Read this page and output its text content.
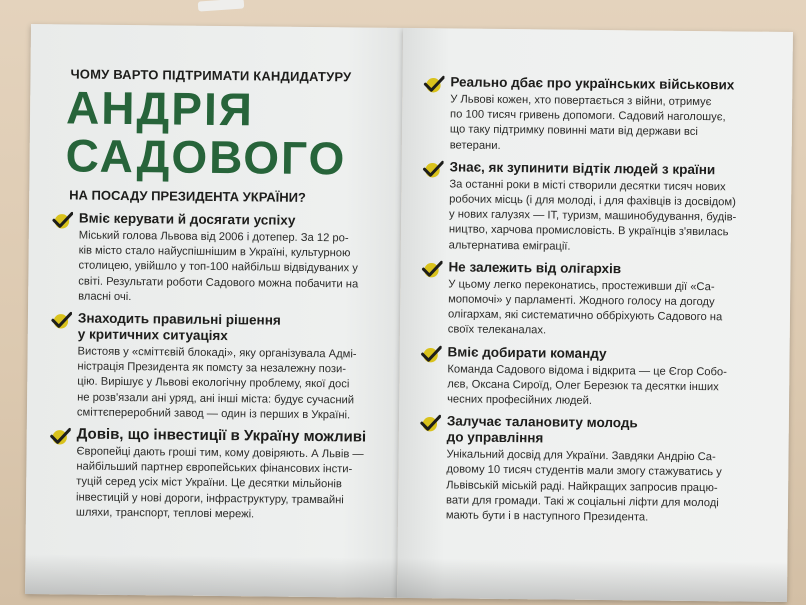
ЧОМУ ВАРТО ПІДТРИМАТИ КАНДИДАТУРУ
АНДРІЯ
САДОВОГО
НА ПОСАДУ ПРЕЗИДЕНТА УКРАЇНИ?
Вміє керувати й досягати успіху
Міський голова Львова від 2006 і дотепер. За 12 ро-
ків місто стало найуспішнішим в Україні, культурною
столицею, увійшло у топ-100 найбільш відвідуваних у
світі. Результати роботи Садового можна побачити на
власні очі.
Знаходить правильні рішення
у критичних ситуаціях
Вистояв у «сміттєвій блокаді», яку організувала Адмі-
ністрація Президента як помсту за незалежну пози-
цію. Вирішує у Львові екологічну проблему, якої досі
не розв'язали ані уряд, ані інші міста: будує сучасний
сміттєпереробний завод — один із перших в Україні.
Довів, що інвестиції в Україну можливі
Європейці дають гроші тим, кому довіряють. А Львів —
найбільший партнер європейських фінансових інсти-
туцій серед усіх міст України. Це десятки мільйонів
інвестицій у нові дороги, інфраструктуру, трамвайні
шляхи, транспорт, теплові мережі.
Реально дбає про українських військових
У Львові кожен, хто повертається з війни, отримує
по 100 тисяч гривень допомоги. Садовий наголошує,
що таку підтримку повинні мати від держави всі
ветерани.
Знає, як зупинити відтік людей з країни
За останні роки в місті створили десятки тисяч нових
робочих місць (і для молоді, і для фахівців із досвідом)
у нових галузях — IT, туризм, машинобудування, будів-
ництво, харчова промисловість. В українців з'явилась
альтернатива еміграції.
Не залежить від олігархів
У цьому легко переконатись, простеживши дії «Са-
мопомочі» у парламенті. Жодного голосу на догоду
олігархам, які систематично оббріхують Садового на
своїх телеканалах.
Вміє добирати команду
Команда Садового відома і відкрита — це Єгор Собо-
лєв, Оксана Сироїд, Олег Березюк та десятки інших
чесних професійних людей.
Залучає талановиту молодь
до управління
Унікальний досвід для України. Завдяки Андрію Са-
довому 10 тисяч студентів мали змогу стажуватись у
Львівській міській раді. Найкращих запросив працю-
вати для громади. Такі ж соціальні ліфти для молоді
мають бути і в наступного Президента.
